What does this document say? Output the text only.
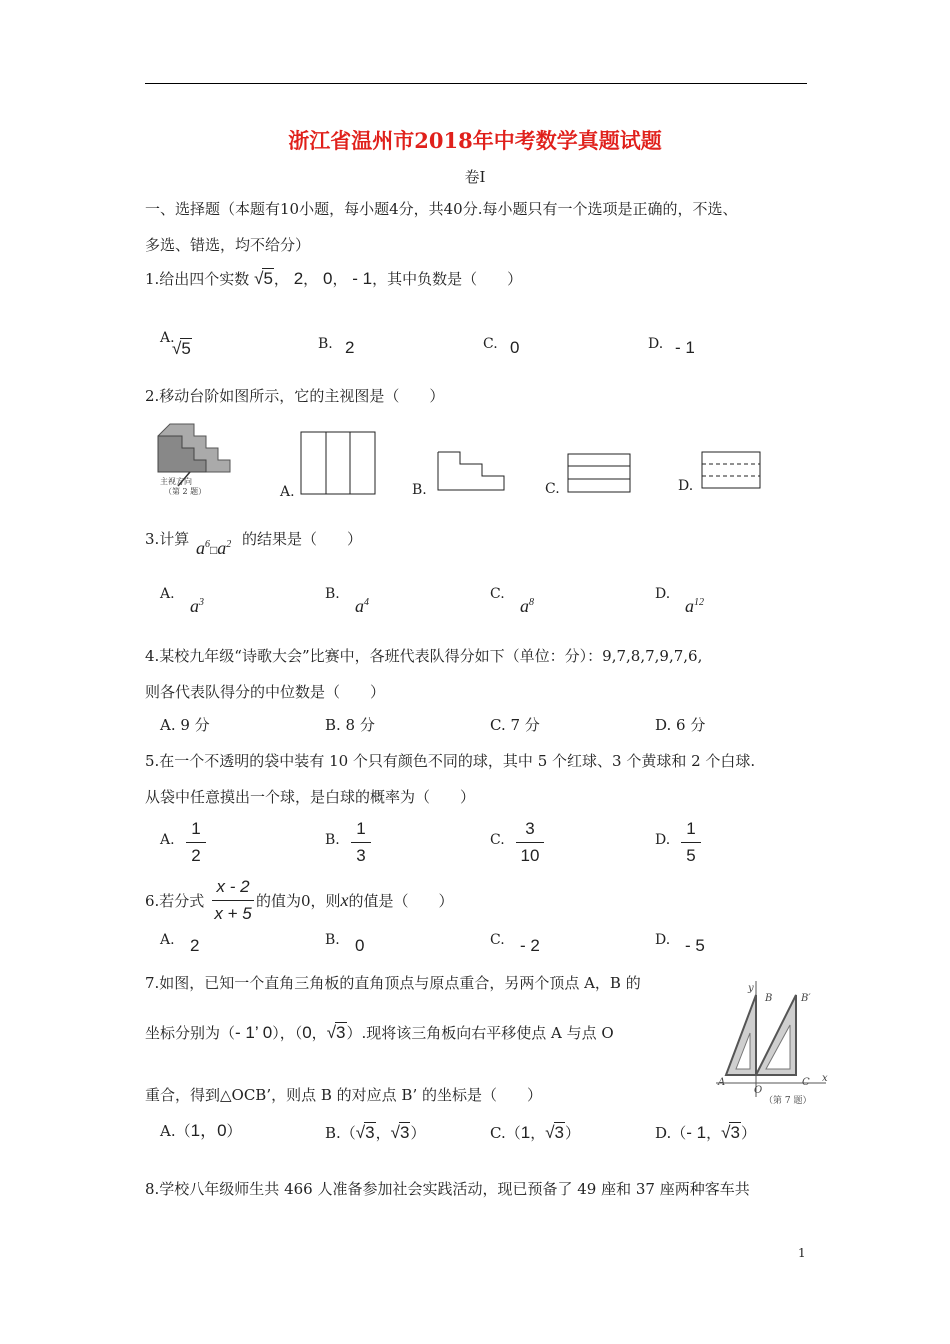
浙江省温州市2018年中考数学真题试题
卷I
一、选择题（本题有10小题，每小题4分，共40分.每小题只有一个选项是正确的，不选、
多选、错选，均不给分）
1.给出四个实数 √5， 2， 0， - 1，其中负数是（　　）
A.
√5	B. 2	C. 0	D. - 1
2.移动台阶如图所示，它的主视图是（　　）
主视方向
（第 2 题）	A.	B.	C.	D.
3.计算 $a^6□a^2$ 的结果是（　　）
A.
$a^3$
B.
$a^4$
C.
$a^8$
D.
$a^{12}$
4.某校九年级“诗歌大会”比赛中，各班代表队得分如下（单位：分）：9,7,8,7,9,7,6,
则各代表队得分的中位数是（　　）
A. 9 分	B. 8 分	C. 7 分	D. 6 分
5.在一个不透明的袋中装有 10 个只有颜色不同的球，其中 5 个红球、3 个黄球和 2 个白球.
从袋中任意摸出一个球，是白球的概率为（　　）
A.
1
2
B.
1
3
C.
3
10
D.
1
5
6.若分式
x - 2
x + 5
的值为0，则x的值是（　　）
A. 2	B. 0	C. - 2	D. - 5
7.如图，已知一个直角三角板的直角顶点与原点重合，另两个顶点 A，B 的
坐标分别为（- 1’ 0），（0，√3）.现将该三角板向右平移使点 A 与点 O
重合，得到△OCB’，则点 B 的对应点 B’ 的坐标是（　　）
y
x
B	B′
A
O
C
（第 7 题）
A.（1，0）	B.（√3，√3）	C.（1，√3）	D.（- 1，√3）
8.学校八年级师生共 466 人准备参加社会实践活动，现已预备了 49 座和 37 座两种客车共
1
